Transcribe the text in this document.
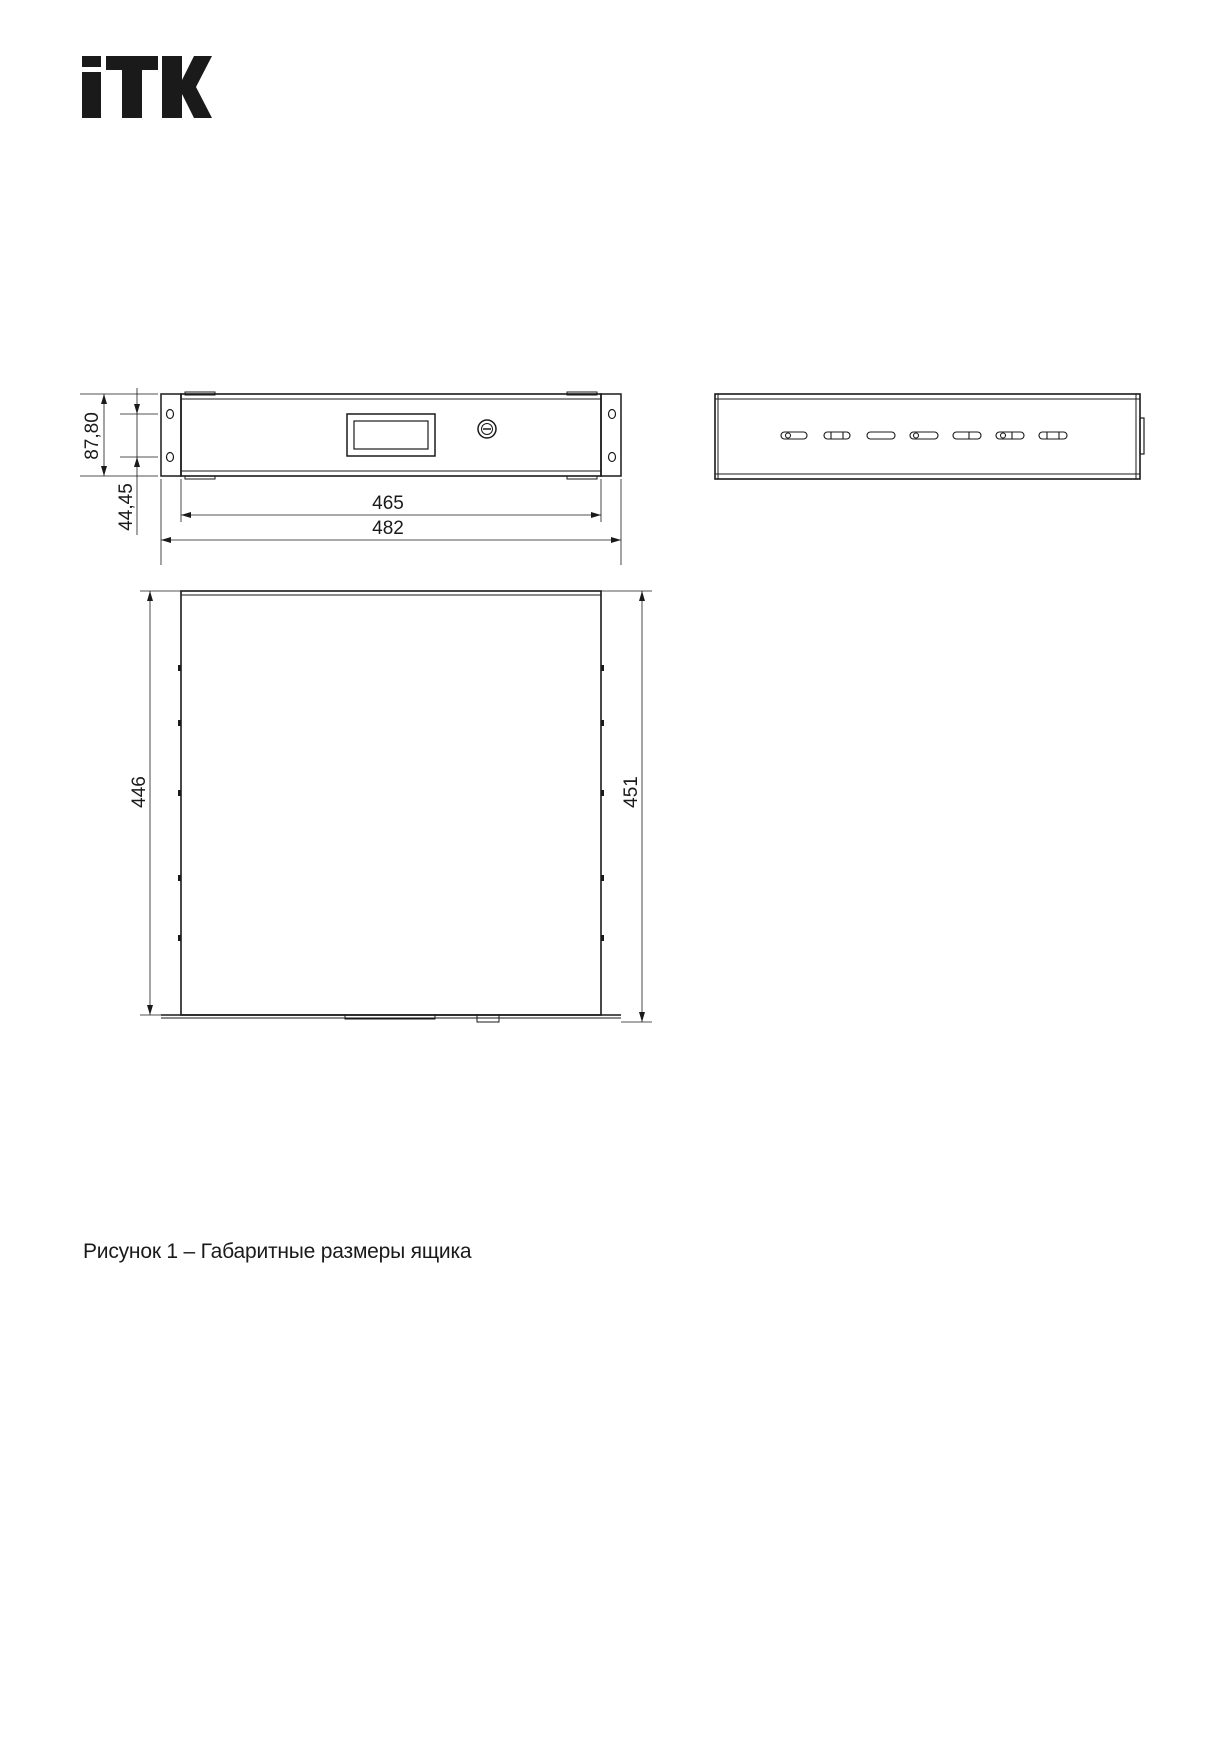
87,80
44,45	465
482
446	451
Рисунок 1 – Габаритные размеры ящика
